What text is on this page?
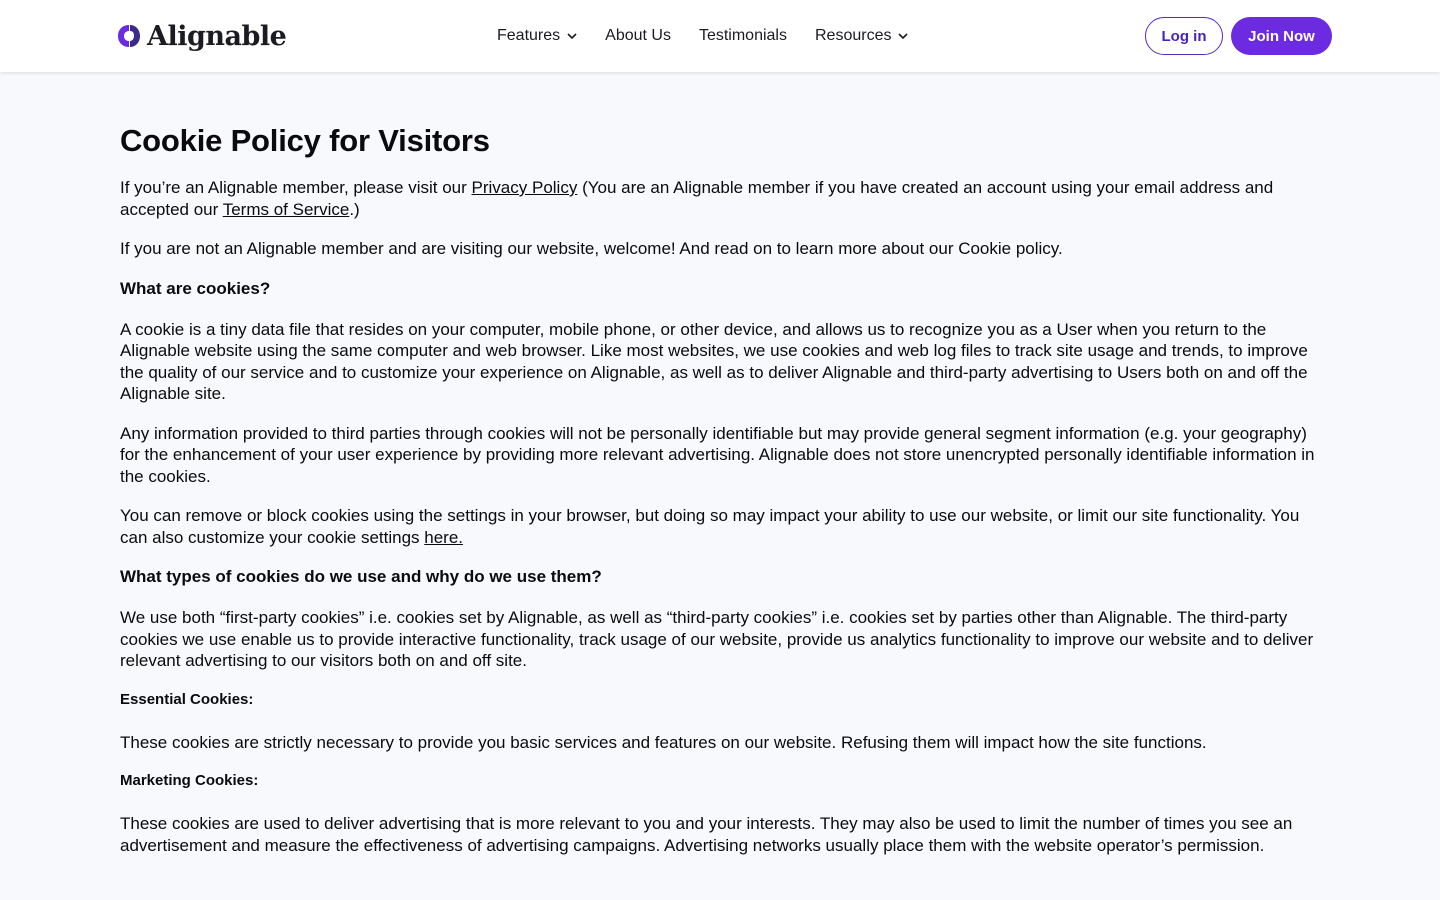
Alignable	Features	About Us Testimonials Resources	Log in	Join Now
Cookie Policy for Visitors

If you’re an Alignable member, please visit our Privacy Policy (You are an Alignable member if you have created an account using your email address and accepted our Terms of Service.)

If you are not an Alignable member and are visiting our website, welcome! And read on to learn more about our Cookie policy.

What are cookies?

A cookie is a tiny data file that resides on your computer, mobile phone, or other device, and allows us to recognize you as a User when you return to the Alignable website using the same computer and web browser. Like most websites, we use cookies and web log files to track site usage and trends, to improve the quality of our service and to customize your experience on Alignable, as well as to deliver Alignable and third-party advertising to Users both on and off the Alignable site.

Any information provided to third parties through cookies will not be personally identifiable but may provide general segment information (e.g. your geography) for the enhancement of your user experience by providing more relevant advertising. Alignable does not store unencrypted personally identifiable information in the cookies.

You can remove or block cookies using the settings in your browser, but doing so may impact your ability to use our website, or limit our site functionality. You can also customize your cookie settings here.

What types of cookies do we use and why do we use them?

We use both “first-party cookies” i.e. cookies set by Alignable, as well as “third-party cookies” i.e. cookies set by parties other than Alignable. The third-party cookies we use enable us to provide interactive functionality, track usage of our website, provide us analytics functionality to improve our website and to deliver relevant advertising to our visitors both on and off site.

Essential Cookies:

These cookies are strictly necessary to provide you basic services and features on our website. Refusing them will impact how the site functions.

Marketing Cookies:

These cookies are used to deliver advertising that is more relevant to you and your interests. They may also be used to limit the number of times you see an advertisement and measure the effectiveness of advertising campaigns. Advertising networks usually place them with the website operator’s permission.
